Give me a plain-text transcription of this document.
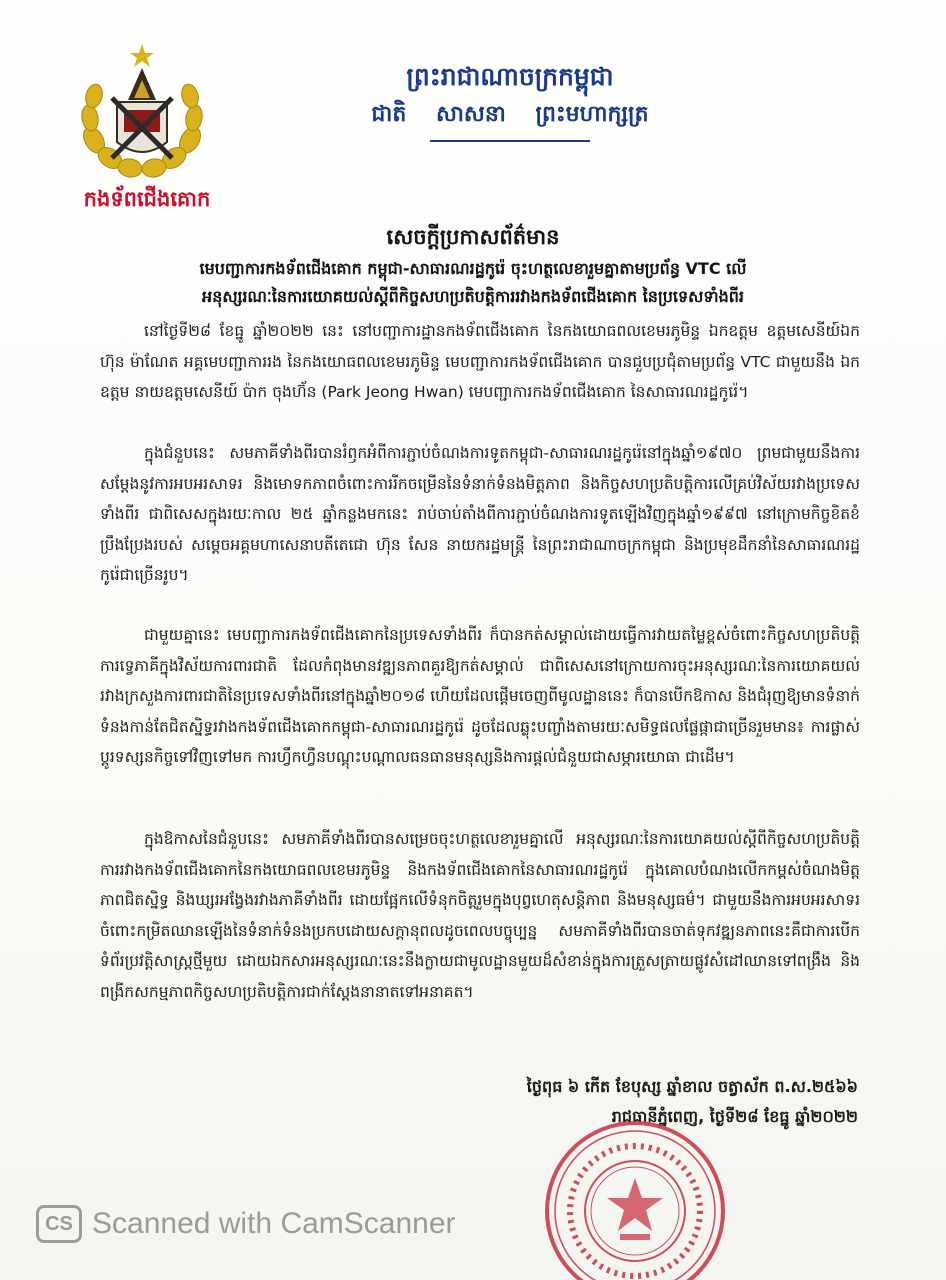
កងទ័ពជើងគោក
ព្រះរាជាណាចក្រកម្ពុជា
ជាតិ សាសនា ព្រះមហាក្សត្រ
សេចក្តីប្រកាសព័ត៌មាន
មេបញ្ជាការកងទ័ពជើងគោក កម្ពុជា-សាធារណរដ្ឋកូរ៉េ ចុះហត្ថលេខារួមគ្នាតាមប្រព័ន្ធ VTC លើ
អនុស្សរណៈនៃការយោគយល់ស្តីពីកិច្ចសហប្រតិបត្តិការរវាងកងទ័ពជើងគោក នៃប្រទេសទាំងពីរ
នៅថ្ងៃទី២៨ ខែធ្នូ ឆ្នាំ២០២២ នេះ នៅបញ្ជាការដ្ឋានកងទ័ពជើងគោក នៃកងយោធពលខេមរភូមិន្ទ ឯកឧត្តម ឧត្តមសេនីយ៍ឯក ហ៊ុន ម៉ាណែត អគ្គមេបញ្ជាការរង នៃកងយោធពលខេមរភូមិន្ទ មេបញ្ជាការកងទ័ពជើងគោក បានជួបប្រជុំតាមប្រព័ន្ធ VTC ជាមួយនឹង ឯកឧត្តម នាយឧត្តមសេនីយ៍ ប៉ាក ចុងហ៊័ន (Park Jeong Hwan) មេបញ្ជាការកងទ័ពជើងគោក នៃសាធារណរដ្ឋកូរ៉េ។
ក្នុងជំនួបនេះ សមភាគីទាំងពីរបានរំឭកអំពីការភ្ជាប់ចំណងការទូតកម្ពុជា-សាធារណរដ្ឋកូរ៉េនៅក្នុងឆ្នាំ១៩៧០ ព្រមជាមួយនឹងការសម្តែងនូវការអបអរសាទរ និងមោទកភាពចំពោះការរីកចម្រើននៃទំនាក់ទំនងមិត្តភាព និងកិច្ចសហប្រតិបត្តិការលើគ្រប់វិស័យរវាងប្រទេសទាំងពីរ ជាពិសេសក្នុងរយៈកាល ២៥ ឆ្នាំកន្លងមកនេះ រាប់ចាប់តាំងពីការភ្ជាប់ចំណងការទូតឡើងវិញក្នុងឆ្នាំ១៩៩៧ នៅក្រោមកិច្ចខិតខំប្រឹងប្រែងរបស់ សម្តេចអគ្គមហាសេនាបតីតេជោ ហ៊ុន សែន នាយករដ្ឋមន្ត្រី នៃព្រះរាជាណាចក្រកម្ពុជា និងប្រមុខដឹកនាំនៃសាធារណរដ្ឋកូរ៉េជាច្រើនរូប។
ជាមួយគ្នានេះ មេបញ្ជាការកងទ័ពជើងគោកនៃប្រទេសទាំងពីរ ក៏បានកត់សម្គាល់ដោយធ្វើការវាយតម្លៃខ្ពស់ចំពោះកិច្ចសហប្រតិបត្តិការទ្វេភាគីក្នុងវិស័យការពារជាតិ ដែលកំពុងមានវឌ្ឍនភាពគួរឱ្យកត់សម្គាល់ ជាពិសេសនៅក្រោយការចុះអនុស្សរណៈនៃការយោគយល់ រវាងក្រសួងការពារជាតិនៃប្រទេសទាំងពីរនៅក្នុងឆ្នាំ២០១៨ ហើយដែលផ្តើមចេញពីមូលដ្ឋាននេះ ក៏បានបើកឱកាស និងជំរុញឱ្យមានទំនាក់ទំនងកាន់តែជិតស្និទ្ធរវាងកងទ័ពជើងគោកកម្ពុជា-សាធារណរដ្ឋកូរ៉េ ដូចដែលឆ្លុះបញ្ចាំងតាមរយៈសមិទ្ធផលផ្លែផ្កាជាច្រើនរួមមាន៖ ការផ្លាស់ប្តូរទស្សនកិច្ចទៅវិញទៅមក ការហ្វឹកហ្វឺនបណ្តុះបណ្តាលធនធានមនុស្សនិងការផ្តល់ជំនួយជាសម្ភារយោធា ជាដើម។
ក្នុងឱកាសនៃជំនួបនេះ សមភាគីទាំងពីរបានសម្រេចចុះហត្ថលេខារួមគ្នាលើ អនុស្សរណៈនៃការយោគយល់ស្តីពីកិច្ចសហប្រតិបត្តិការរវាងកងទ័ពជើងគោកនៃកងយោធពលខេមរភូមិន្ទ និងកងទ័ពជើងគោកនៃសាធារណរដ្ឋកូរ៉េ ក្នុងគោលបំណងលើកកម្ពស់ចំណងមិត្តភាពជិតស្និទ្ធ និងឃ្សរអង្វែងរវាងភាគីទាំងពីរ ដោយផ្អែកលើទំនុកចិត្តរួមក្នុងបុព្វហេតុសន្តិភាព និងមនុស្សធម៌។ ជាមួយនឹងការអបអរសាទរចំពោះកម្រិតឈានឡើងនៃទំនាក់ទំនងប្រកបដោយសក្តានុពលដូចពេលបច្ចុប្បន្ន សមភាគីទាំងពីរបានចាត់ទុកវឌ្ឍនភាពនេះគឺជាការបើកទំព័រប្រវត្តិសាស្រ្តថ្មីមួយ ដោយឯកសារអនុស្សរណៈនេះនឹងក្លាយជាមូលដ្ឋានមួយដ៏សំខាន់ក្នុងការត្រួសត្រាយផ្លូវសំដៅឈានទៅពង្រឹង និងពង្រីកសកម្មភាពកិច្ចសហប្រតិបត្តិការជាក់ស្តែងនានាតទៅអនាគត។
ថ្ងៃពុធ ៦ កើត ខែបុស្ស ឆ្នាំខាល ចត្វាស័ក ព.ស.២៥៦៦
រាជធានីភ្នំពេញ, ថ្ងៃទី២៨ ខែធ្នូ ឆ្នាំ២០២២
CS Scanned with CamScanner
